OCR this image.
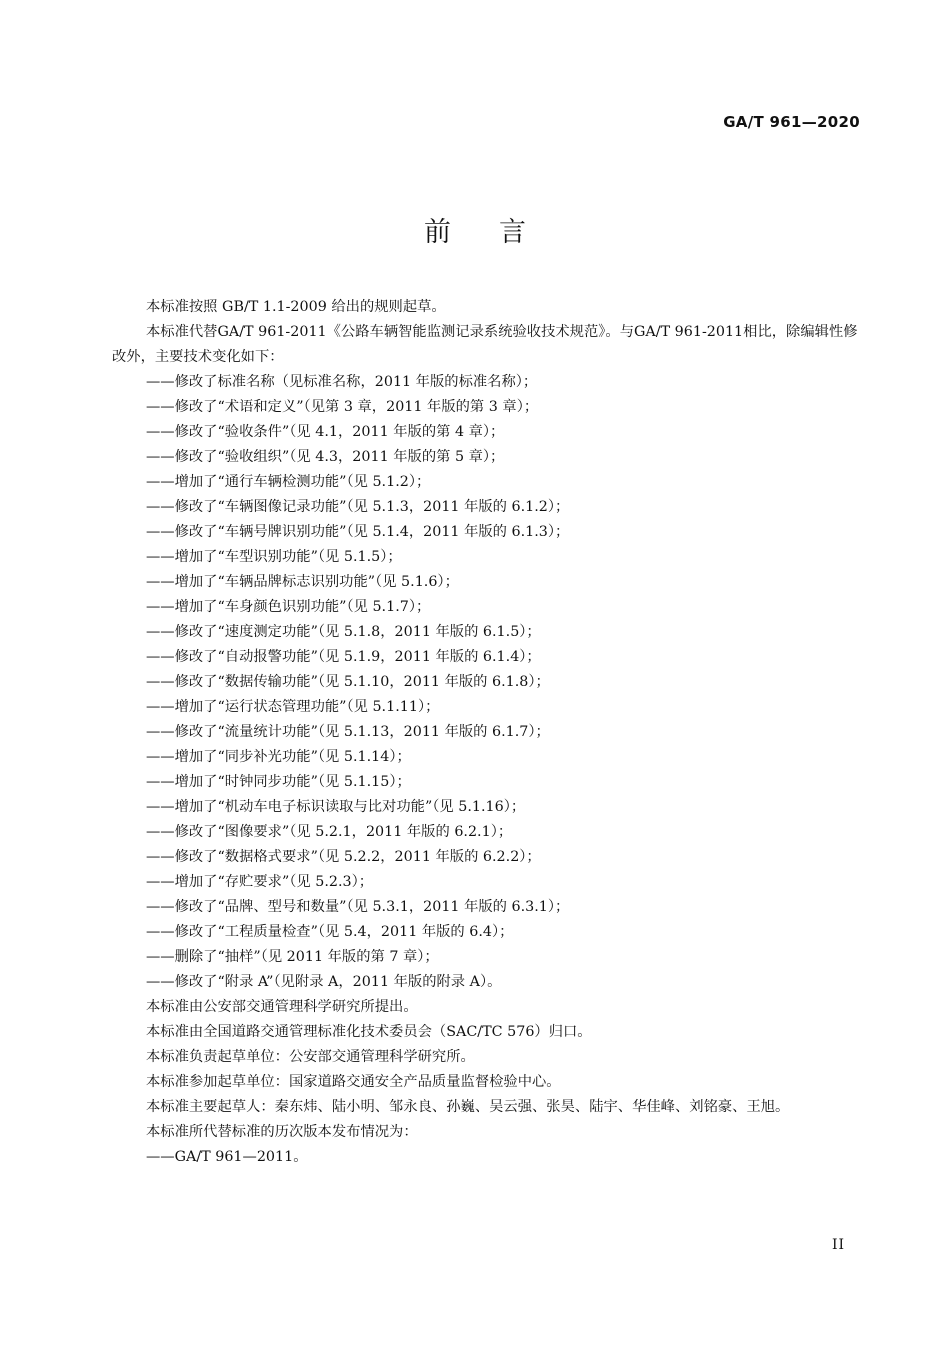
GA/T 961—2020
前言

本标准按照 GB/T 1.1-2009 给出的规则起草。

本标准代替GA/T 961-2011《公路车辆智能监测记录系统验收技术规范》。与GA/T 961-2011相比，除编辑性修改外，主要技术变化如下：

——修改了标准名称（见标准名称，2011 年版的标准名称）；

——修改了“术语和定义”（见第 3 章，2011 年版的第 3 章）；

——修改了“验收条件”（见 4.1，2011 年版的第 4 章）；

——修改了“验收组织”（见 4.3，2011 年版的第 5 章）；

——增加了“通行车辆检测功能”（见 5.1.2）；

——修改了“车辆图像记录功能”（见 5.1.3，2011 年版的 6.1.2）；

——修改了“车辆号牌识别功能”（见 5.1.4，2011 年版的 6.1.3）；

——增加了“车型识别功能”（见 5.1.5）；

——增加了“车辆品牌标志识别功能”（见 5.1.6）；

——增加了“车身颜色识别功能”（见 5.1.7）；

——修改了“速度测定功能”（见 5.1.8，2011 年版的 6.1.5）；

——修改了“自动报警功能”（见 5.1.9，2011 年版的 6.1.4）；

——修改了“数据传输功能”（见 5.1.10，2011 年版的 6.1.8）；

——增加了“运行状态管理功能”（见 5.1.11）；

——修改了“流量统计功能”（见 5.1.13，2011 年版的 6.1.7）；

——增加了“同步补光功能”（见 5.1.14）；

——增加了“时钟同步功能”（见 5.1.15）；

——增加了“机动车电子标识读取与比对功能”（见 5.1.16）；

——修改了“图像要求”（见 5.2.1，2011 年版的 6.2.1）；

——修改了“数据格式要求”（见 5.2.2，2011 年版的 6.2.2）；

——增加了“存贮要求”（见 5.2.3）；

——修改了“品牌、型号和数量”（见 5.3.1，2011 年版的 6.3.1）；

——修改了“工程质量检查”（见 5.4，2011 年版的 6.4）；

——删除了“抽样”（见 2011 年版的第 7 章）；

——修改了“附录 A”（见附录 A，2011 年版的附录 A）。

本标准由公安部交通管理科学研究所提出。

本标准由全国道路交通管理标准化技术委员会（SAC/TC 576）归口。

本标准负责起草单位：公安部交通管理科学研究所。

本标准参加起草单位：国家道路交通安全产品质量监督检验中心。

本标准主要起草人：秦东炜、陆小明、邹永良、孙巍、吴云强、张昊、陆宇、华佳峰、刘铭豪、王旭。

本标准所代替标准的历次版本发布情况为：

——GA/T 961—2011。

II
